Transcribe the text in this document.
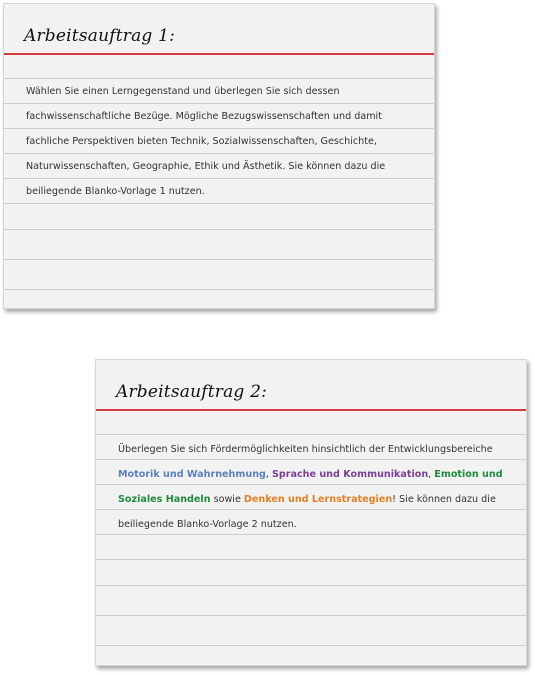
Arbeitsauftrag 1:
Wählen Sie einen Lerngegenstand und überlegen Sie sich dessen
fachwissenschaftliche Bezüge. Mögliche Bezugswissenschaften und damit
fachliche Perspektiven bieten Technik, Sozialwissenschaften, Geschichte,
Naturwissenschaften, Geographie, Ethik und Ästhetik. Sie können dazu die
beiliegende Blanko-Vorlage 1 nutzen.
Arbeitsauftrag 2:
Überlegen Sie sich Fördermöglichkeiten hinsichtlich der Entwicklungsbereiche
Motorik und Wahrnehmung, Sprache und Kommunikation, Emotion und
Soziales Handeln sowie Denken und Lernstrategien! Sie können dazu die
beiliegende Blanko-Vorlage 2 nutzen.
